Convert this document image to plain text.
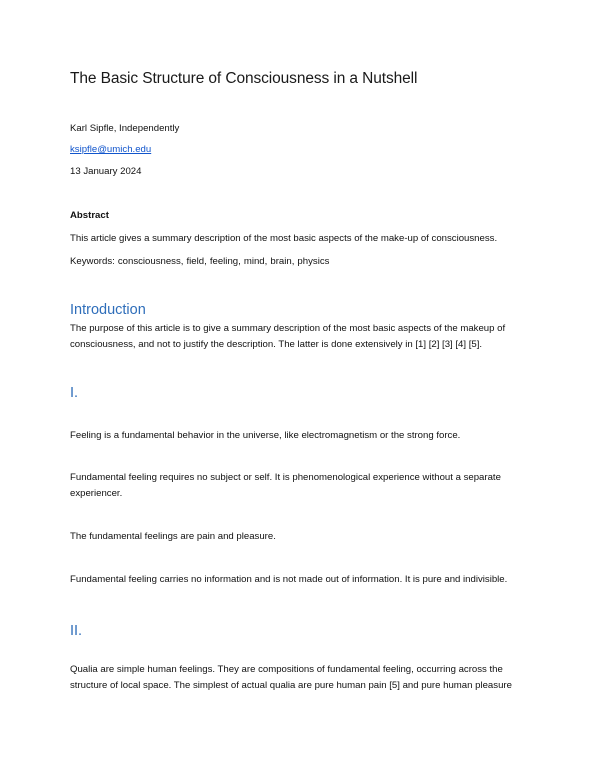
The Basic Structure of Consciousness in a Nutshell
Karl Sipfle, Independently
ksipfle@umich.edu
13 January 2024
Abstract
This article gives a summary description of the most basic aspects of the make-up of consciousness.
Keywords: consciousness, field, feeling, mind, brain, physics
Introduction
The purpose of this article is to give a summary description of the most basic aspects of the makeup of consciousness, and not to justify the description. The latter is done extensively in [1] [2] [3] [4] [5].
I.
Feeling is a fundamental behavior in the universe, like electromagnetism or the strong force.
Fundamental feeling requires no subject or self. It is phenomenological experience without a separate experiencer.
The fundamental feelings are pain and pleasure.
Fundamental feeling carries no information and is not made out of information. It is pure and indivisible.
II.
Qualia are simple human feelings. They are compositions of fundamental feeling, occurring across the structure of local space. The simplest of actual qualia are pure human pain [5] and pure human pleasure
